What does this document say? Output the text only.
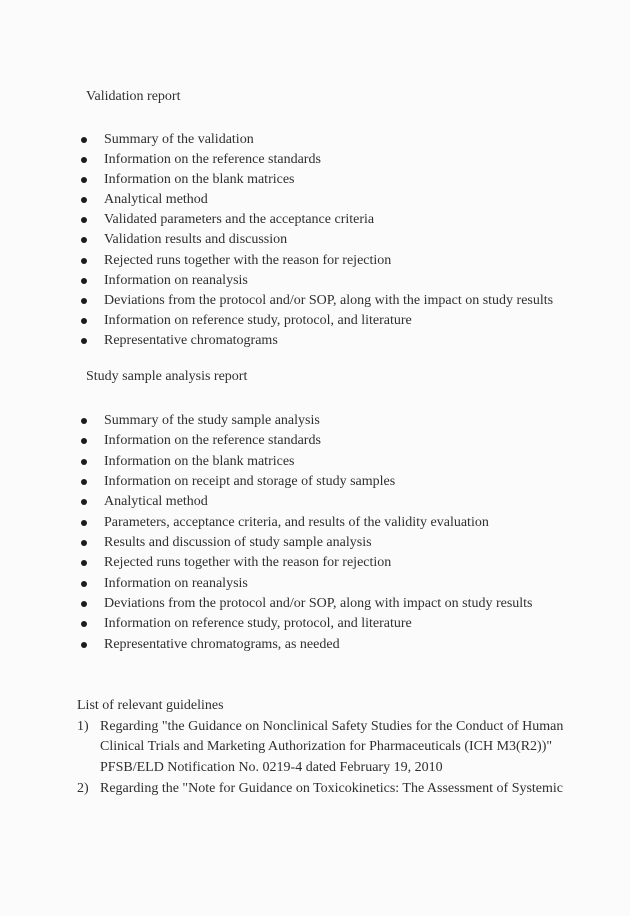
Validation report
Summary of the validation
Information on the reference standards
Information on the blank matrices
Analytical method
Validated parameters and the acceptance criteria
Validation results and discussion
Rejected runs together with the reason for rejection
Information on reanalysis
Deviations from the protocol and/or SOP, along with the impact on study results
Information on reference study, protocol, and literature
Representative chromatograms
Study sample analysis report
Summary of the study sample analysis
Information on the reference standards
Information on the blank matrices
Information on receipt and storage of study samples
Analytical method
Parameters, acceptance criteria, and results of the validity evaluation
Results and discussion of study sample analysis
Rejected runs together with the reason for rejection
Information on reanalysis
Deviations from the protocol and/or SOP, along with impact on study results
Information on reference study, protocol, and literature
Representative chromatograms, as needed
List of relevant guidelines
1) Regarding "the Guidance on Nonclinical Safety Studies for the Conduct of Human
Clinical Trials and Marketing Authorization for Pharmaceuticals (ICH M3(R2))"
PFSB/ELD Notification No. 0219-4 dated February 19, 2010
2) Regarding the "Note for Guidance on Toxicokinetics: The Assessment of Systemic
